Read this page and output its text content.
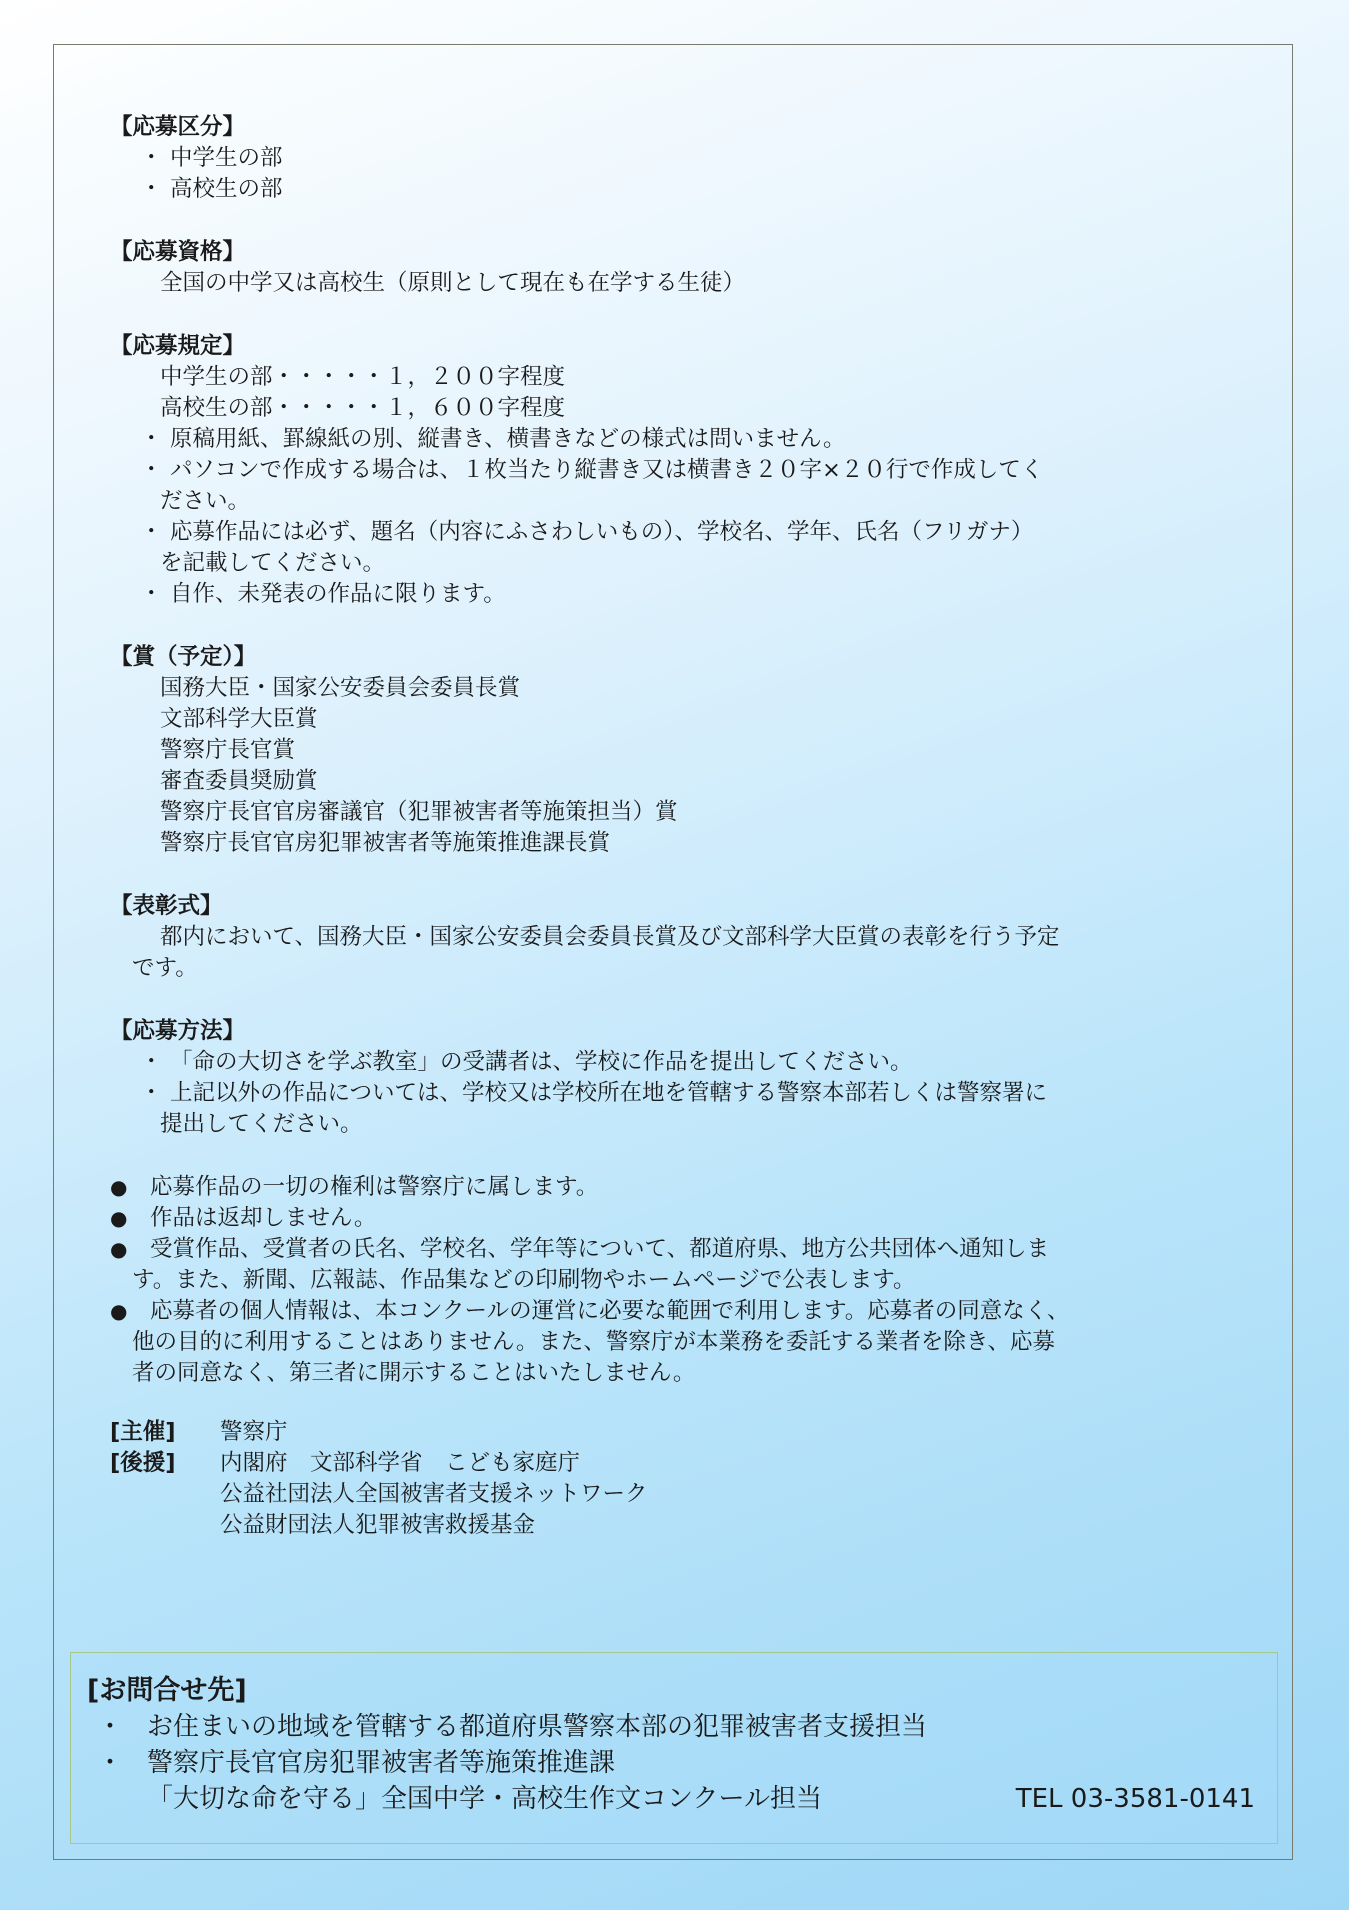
【応募区分】
・ 中学生の部
・ 高校生の部
【応募資格】
全国の中学又は高校生（原則として現在も在学する生徒）
【応募規定】
中学生の部・・・・・１，２００字程度
高校生の部・・・・・１，６００字程度
・ 原稿用紙、罫線紙の別、縦書き、横書きなどの様式は問いません。
・ パソコンで作成する場合は、１枚当たり縦書き又は横書き２０字×２０行で作成してく
ださい。
・ 応募作品には必ず、題名（内容にふさわしいもの）、学校名、学年、氏名（フリガナ）
を記載してください。
・ 自作、未発表の作品に限ります。
【賞（予定）】
国務大臣・国家公安委員会委員長賞
文部科学大臣賞
警察庁長官賞
審査委員奨励賞
警察庁長官官房審議官（犯罪被害者等施策担当）賞
警察庁長官官房犯罪被害者等施策推進課長賞
【表彰式】
都内において、国務大臣・国家公安委員会委員長賞及び文部科学大臣賞の表彰を行う予定
です。
【応募方法】
・ 「命の大切さを学ぶ教室」の受講者は、学校に作品を提出してください。
・ 上記以外の作品については、学校又は学校所在地を管轄する警察本部若しくは警察署に
提出してください。
● 応募作品の一切の権利は警察庁に属します。
● 作品は返却しません。
● 受賞作品、受賞者の氏名、学校名、学年等について、都道府県、地方公共団体へ通知しま
す。また、新聞、広報誌、作品集などの印刷物やホームページで公表します。
● 応募者の個人情報は、本コンクールの運営に必要な範囲で利用します。応募者の同意なく、
他の目的に利用することはありません。また、警察庁が本業務を委託する業者を除き、応募
者の同意なく、第三者に開示することはいたしません。
[主催]	警察庁
[後援]	内閣府　文部科学省　こども家庭庁
公益社団法人全国被害者支援ネットワーク
公益財団法人犯罪被害救援基金
[お問合せ先]
・ お住まいの地域を管轄する都道府県警察本部の犯罪被害者支援担当
・ 警察庁長官官房犯罪被害者等施策推進課
「大切な命を守る」全国中学・高校生作文コンクール担当	TEL 03-3581-0141
